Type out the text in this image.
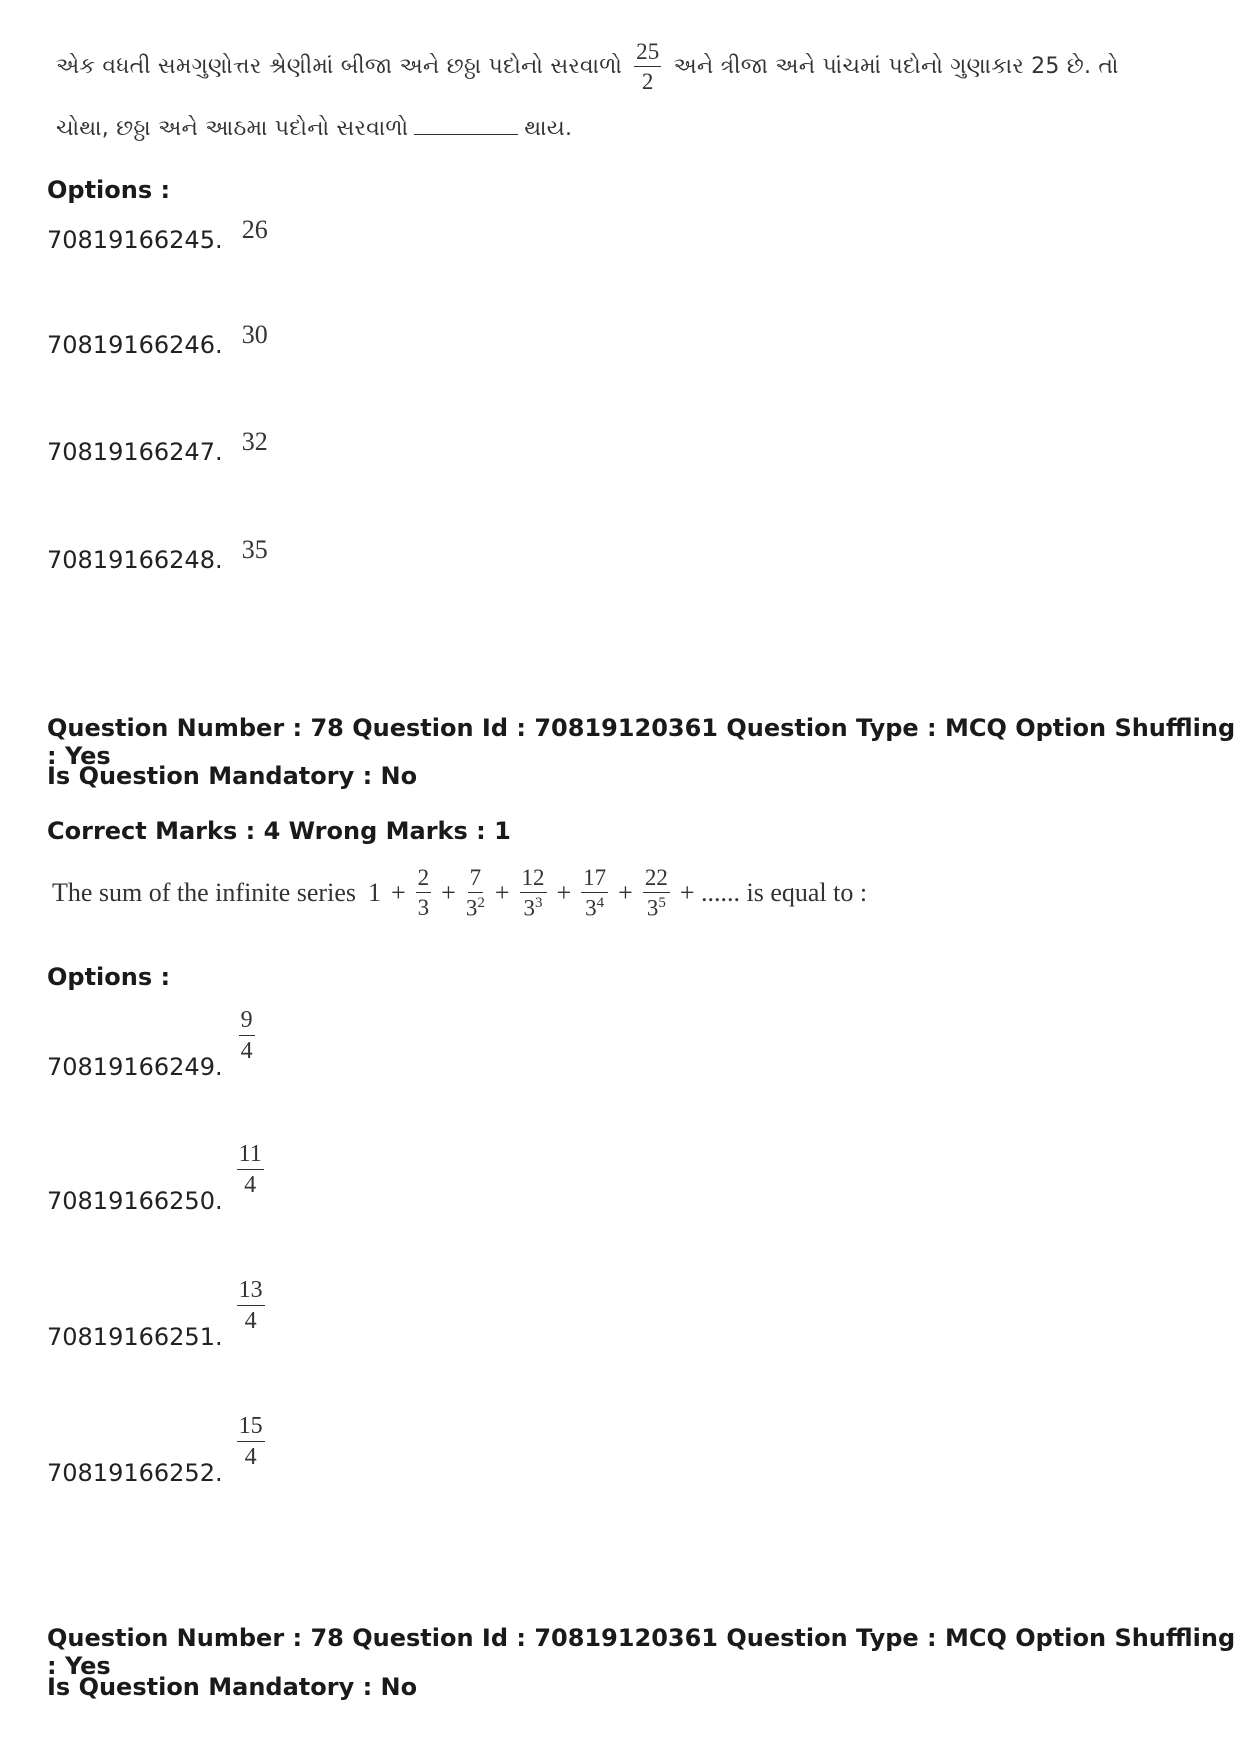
એક વધતી સમગુણોત્તર શ્રેણીમાં બીજા અને છઠ્ઠા પદોનો સરવાળો $\frac{25}{2}$ અને ત્રીજા અને પાંચમાં પદોનો ગુણાકાર 25 છે. તો
ચોથા, છઠ્ઠા અને આઠમા પદોનો સરવાળો	થાય.
Options :
70819166245. 26
70819166246. 30
70819166247. 32
70819166248. 35
Question Number : 78 Question Id : 70819120361 Question Type : MCQ Option Shuffling : Yes
Is Question Mandatory : No
Correct Marks : 4 Wrong Marks : 1
The sum of the infinite series $1 + \frac{2}{3} + \frac{7}{3^2} + \frac{12}{3^3} + \frac{17}{3^4} + \frac{22}{3^5}$ + ...... is equal to :
Options :
70819166249.
$\frac{9}{4}$
70819166250.
$\frac{11}{4}$
70819166251.
$\frac{13}{4}$
70819166252.
$\frac{15}{4}$
Question Number : 78 Question Id : 70819120361 Question Type : MCQ Option Shuffling : Yes
Is Question Mandatory : No
